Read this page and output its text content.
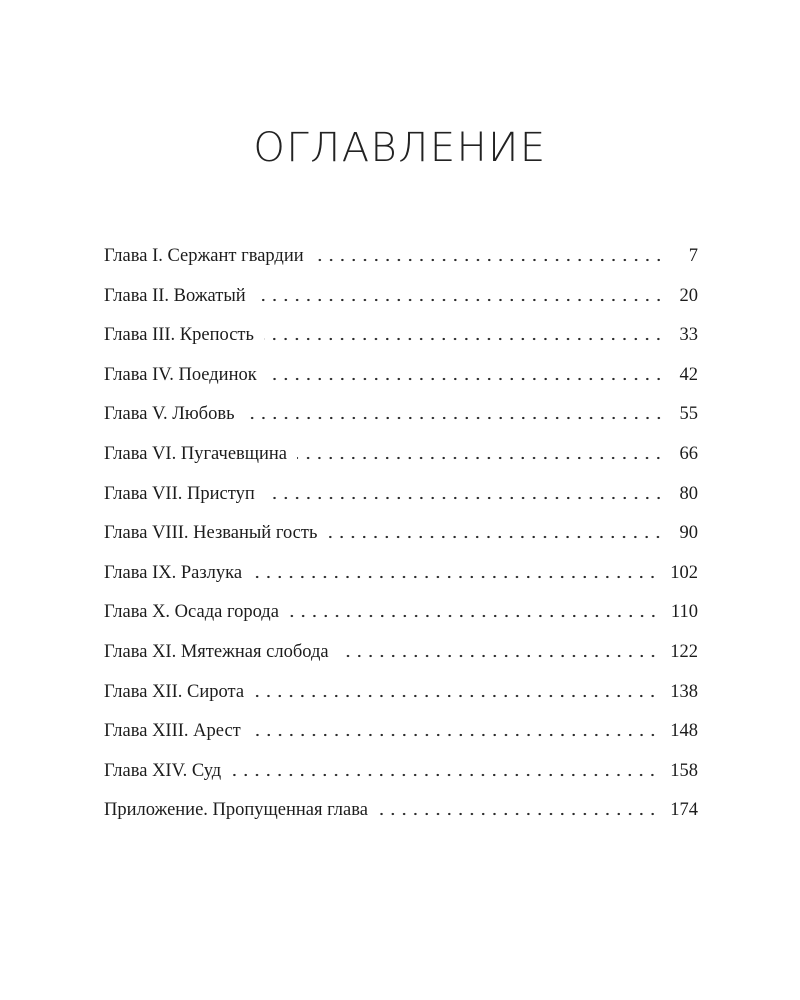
ОГЛАВЛЕНИЕ
Глава I. Сержант гвардии	7
Глава II. Вожатый	20
Глава III. Крепость	33
Глава IV. Поединок	42
Глава V. Любовь	55
Глава VI. Пугачевщина	66
Глава VII. Приступ	80
Глава VIII. Незваный гость	90
Глава IX. Разлука	102
Глава X. Осада города	110
Глава XI. Мятежная слобода	122
Глава XII. Сирота	138
Глава XIII. Арест	148
Глава XIV. Суд	158
Приложение. Пропущенная глава	174
